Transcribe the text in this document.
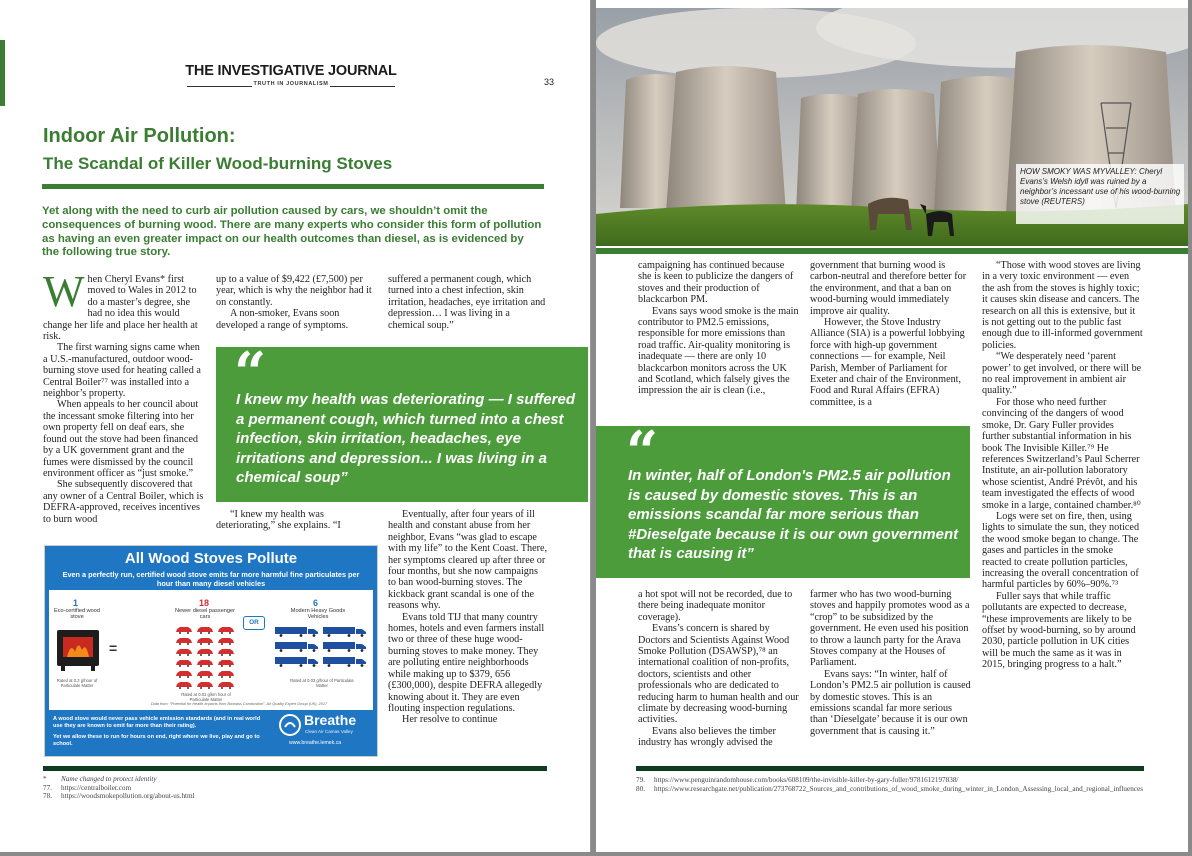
THE INVESTIGATIVE JOURNAL
TRUTH IN JOURNALISM	33
Indoor Air Pollution:
The Scandal of Killer Wood-burning Stoves
Yet along with the need to curb air pollution caused by cars, we shouldn’t omit the consequences of burning wood. There are many experts who consider this form of pollution as having an even greater impact on our health outcomes than diesel, as is evidenced by the following true story.
W hen Cheryl Evans* first moved to Wales in 2012 to do a master’s degree, she had no idea this would change her life and place her health at risk.

The first warning signs came when a U.S.-manufactured, outdoor wood-burning stove used for heating called a Central Boiler⁷⁷ was installed into a neighbor’s property.

When appeals to her council about the incessant smoke filtering into her own property fell on deaf ears, she found out the stove had been financed by a UK government grant and the fumes were dismissed by the council environment officer as “just smoke.”

She subsequently discovered that any owner of a Central Boiler, which is DEFRA-approved, receives incentives to burn wood

up to a value of $9,422 (£7,500) per year, which is why the neighbor had it on constantly.

A non-smoker, Evans soon developed a range of symptoms.

“I knew my health was deteriorating,” she explains. “I

suffered a permanent cough, which turned into a chest infection, skin irritation, headaches, eye irritation and depression… I was living in a chemical soup.”

Eventually, after four years of ill health and constant abuse from her neighbor, Evans “was glad to escape with my life” to the Kent Coast. There, her symptoms cleared up after three or four months, but she now campaigns to ban wood-burning stoves. The kickback grant scandal is one of the reasons why.

Evans told TIJ that many country homes, hotels and even farmers install two or three of these huge wood-burning stoves to make money. They are polluting entire neighborhoods while making up to $379, 656 (£300,000), despite DEFRA allegedly knowing about it. They are even flouting inspection regulations.

Her resolve to continue

“
I knew my health was deteriorating — I suffered a permanent cough, which turned into a chest infection, skin irritation, headaches, eye irritations and depression... I was living in a chemical soup”
All Wood Stoves Pollute
Even a perfectly run, certified wood stove emits far more harmful fine particulates per hour than many diesel vehicles
1
Eco-certified wood stove
Rated at 0.2 g/hour of Particulate Matter
=
18
Newer diesel passenger cars
Rated at 0.01 g/km hour of Particulate Matter
OR
6
Modern Heavy Goods Vehicles
Rated at 0.03 g/hour of Particulate Matter
Data from: "Potential for Health Impacts from Biomass Combustion", Air Quality Expert Group (UK), 2017
A wood stove would never pass vehicle emission standards (and in real world use they are known to emit far more than their rating).
Yet we allow these to run for hours on end, right where we live, play and go to school.
Breathe
Clean Air Camas Valley
www.breathe.lemek.ca
* Name changed to protect identity
77. https://centralboiler.com
78. https://woodsmokepollution.org/about-us.html
HOW SMOKY WAS MYVALLEY: Cheryl Evans’s Welsh idyll was ruined by a neighbor’s incessant use of his wood-burning stove (REUTERS)

campaigning has continued because she is keen to publicize the dangers of stoves and their production of blackcarbon PM.

Evans says wood smoke is the main contributor to PM2.5 emissions, responsible for more emissions than road traffic. Air-quality monitoring is inadequate — there are only 10 blackcarbon monitors across the UK and Scotland, which falsely gives the impression the air is clean (i.e.,

government that burning wood is carbon-neutral and therefore better for the environment, and that a ban on wood-burning would immediately improve air quality.

However, the Stove Industry Alliance (SIA) is a powerful lobbying force with high-up government connections — for example, Neil Parish, Member of Parliament for Exeter and chair of the Environment, Food and Rural Affairs (EFRA) committee, is a

“Those with wood stoves are living in a very toxic environment — even the ash from the stoves is highly toxic; it causes skin disease and cancers. The research on all this is extensive, but it is not getting out to the public fast enough due to ill-informed government policies.

“We desperately need ‘parent power’ to get involved, or there will be no real improvement in ambient air quality.”

For those who need further convincing of the dangers of wood smoke, Dr. Gary Fuller provides further substantial information in his book The Invisible Killer.⁷⁹ He references Switzerland’s Paul Scherrer Institute, an air-pollution laboratory whose scientist, André Prévôt, and his team investigated the effects of wood smoke in a large, contained chamber.⁸⁰

Logs were set on fire, then, using lights to simulate the sun, they noticed the wood smoke began to change. The gases and particles in the smoke reacted to create pollution particles, increasing the overall concentration of harmful particles by 60%–90%.⁷³

Fuller says that while traffic pollutants are expected to decrease, “these improvements are likely to be offset by wood-burning, so by around 2030, particle pollution in UK cities will be much the same as it was in 2015, bringing progress to a halt.”

“
In winter, half of London's PM2.5 air pollution is caused by domestic stoves. This is an emissions scandal far more serious than #Dieselgate because it is our own government that is causing it”

a hot spot will not be recorded, due to there being inadequate monitor coverage).

Evans’s concern is shared by Doctors and Scientists Against Wood Smoke Pollution (DSAWSP),⁷⁸ an international coalition of non-profits, doctors, scientists and other professionals who are dedicated to reducing harm to human health and our climate by decreasing wood-burning activities.

Evans also believes the timber industry has wrongly advised the

farmer who has two wood-burning stoves and happily promotes wood as a “crop” to be subsidized by the government. He even used his position to throw a launch party for the Arava Stoves company at the Houses of Parliament.

Evans says: “In winter, half of London’s PM2.5 air pollution is caused by domestic stoves. This is an emissions scandal far more serious than ‘Dieselgate’ because it is our own government that is causing it.”

79. https://www.penguinrandomhouse.com/books/608109/the-invisible-killer-by-gary-fuller/9781612197838/
80. https://www.researchgate.net/publication/273768722_Sources_and_contributions_of_wood_smoke_during_winter_in_London_Assessing_local_and_regional_influences
